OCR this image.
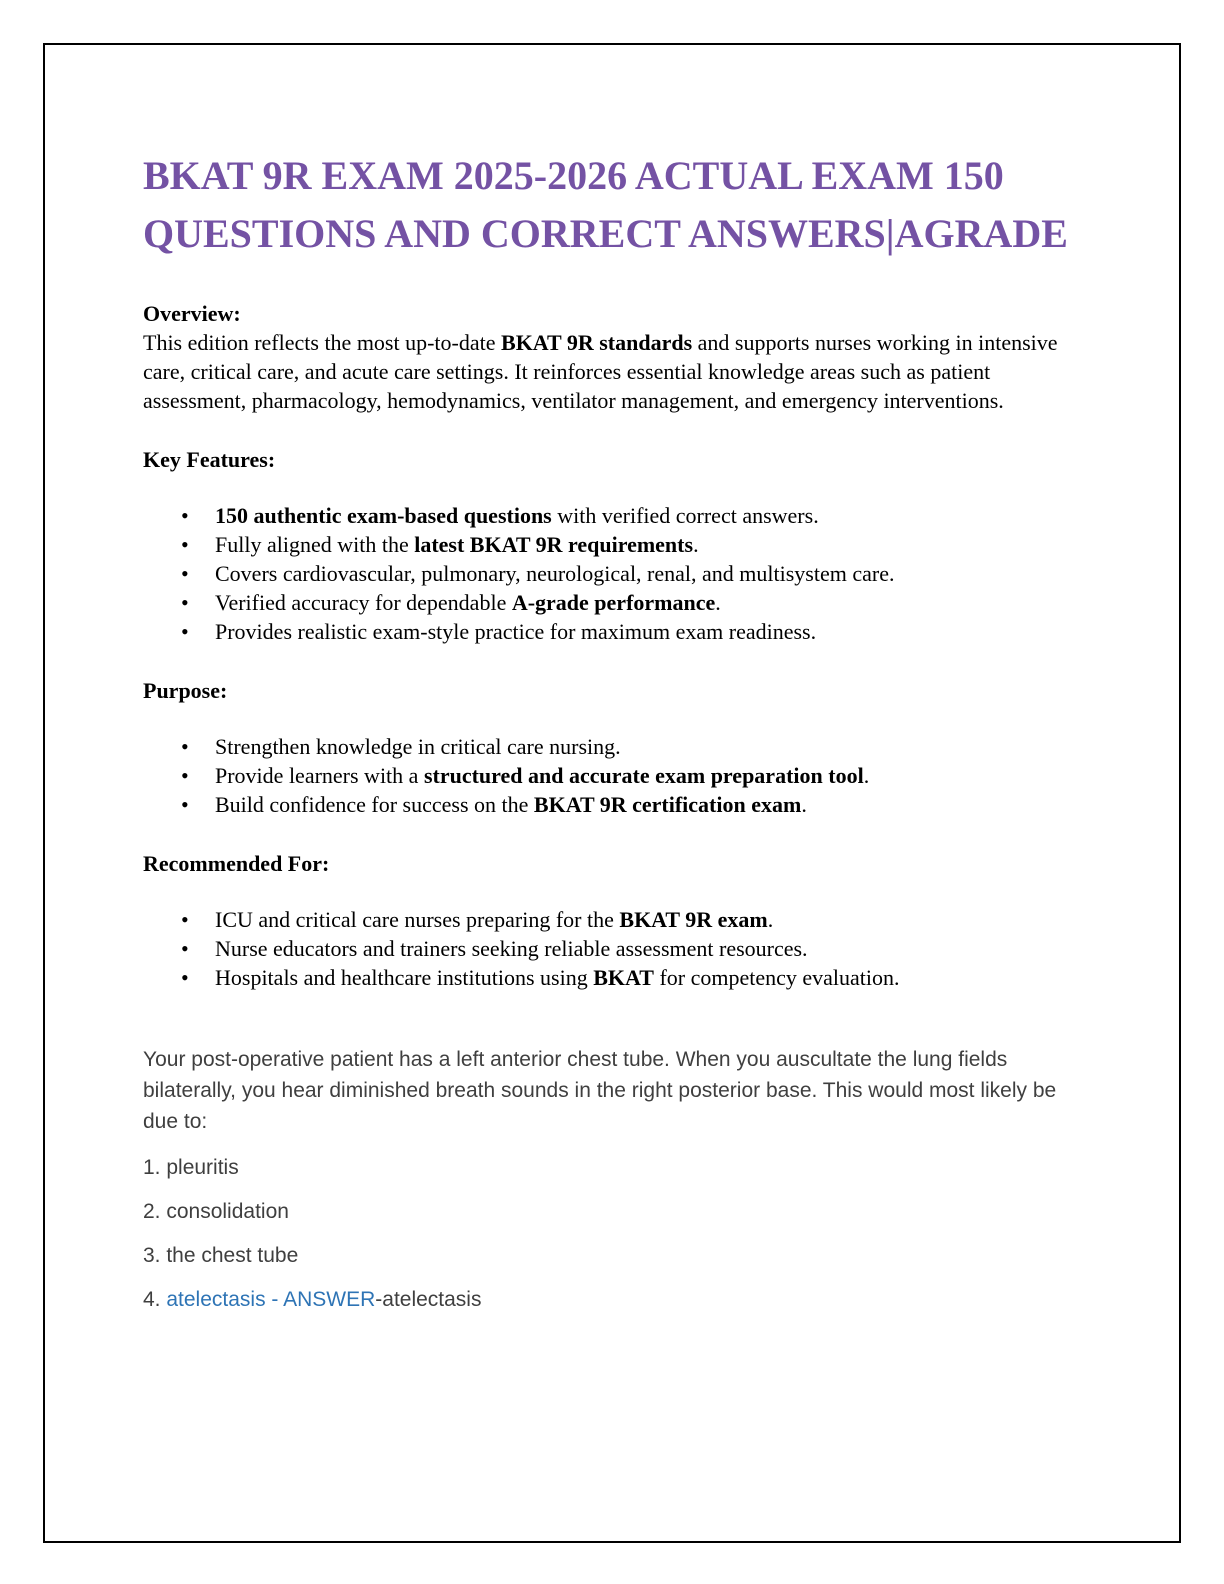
BKAT 9R EXAM 2025-2026 ACTUAL EXAM 150 QUESTIONS AND CORRECT ANSWERS|AGRADE
Overview:

This edition reflects the most up-to-date BKAT 9R standards and supports nurses working in intensive care, critical care, and acute care settings. It reinforces essential knowledge areas such as patient assessment, pharmacology, hemodynamics, ventilator management, and emergency interventions.

Key Features:
• 150 authentic exam-based questions with verified correct answers.
• Fully aligned with the latest BKAT 9R requirements.
• Covers cardiovascular, pulmonary, neurological, renal, and multisystem care.
• Verified accuracy for dependable A-grade performance.
• Provides realistic exam-style practice for maximum exam readiness.
Purpose:
• Strengthen knowledge in critical care nursing.
• Provide learners with a structured and accurate exam preparation tool.
• Build confidence for success on the BKAT 9R certification exam.
Recommended For:
• ICU and critical care nurses preparing for the BKAT 9R exam.
• Nurse educators and trainers seeking reliable assessment resources.
• Hospitals and healthcare institutions using BKAT for competency evaluation.

Your post-operative patient has a left anterior chest tube. When you auscultate the lung fields bilaterally, you hear diminished breath sounds in the right posterior base. This would most likely be due to:

1. pleuritis

2. consolidation

3. the chest tube

4. atelectasis - ANSWER-atelectasis
